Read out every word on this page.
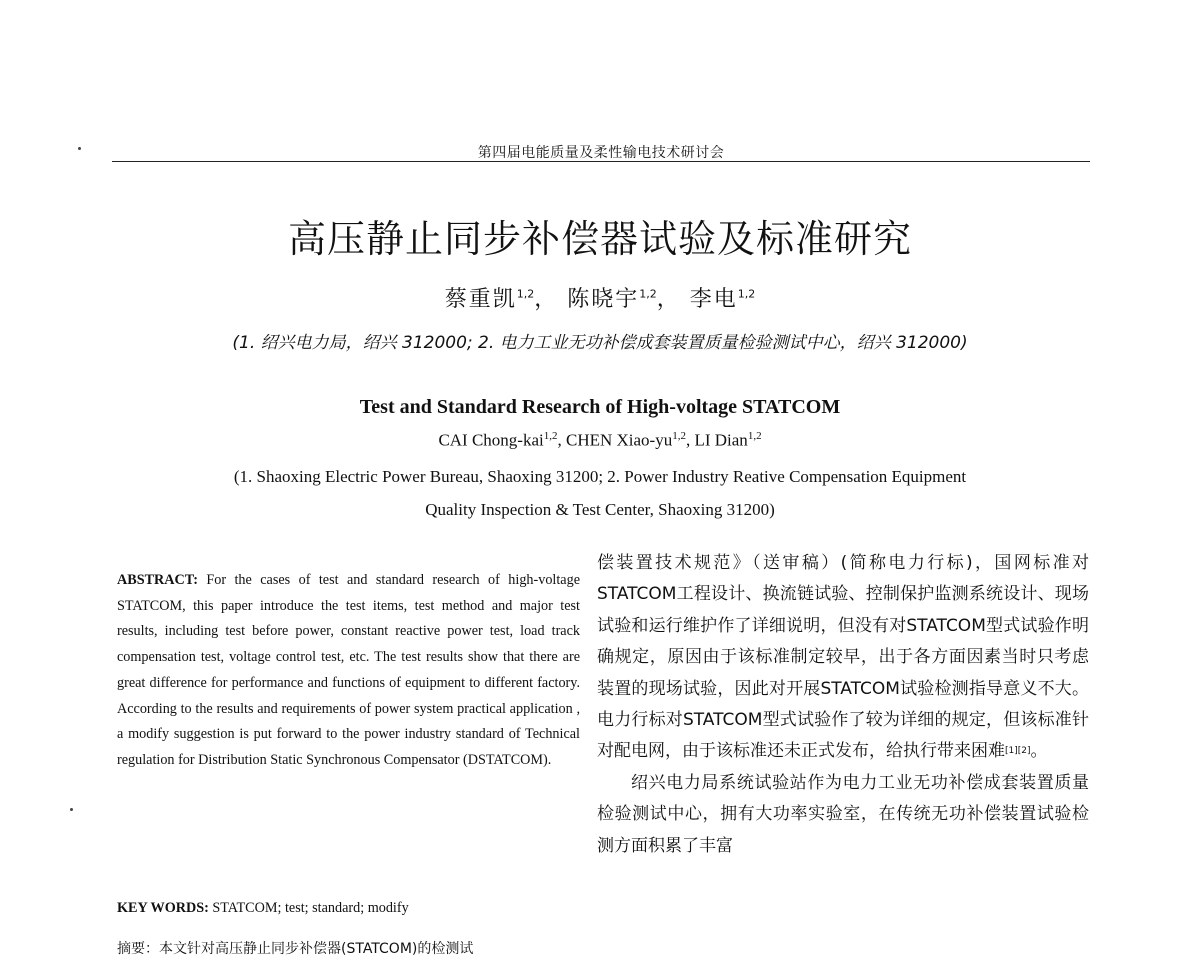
第四届电能质量及柔性输电技术研讨会
高压静止同步补偿器试验及标准研究
蔡重凯$^{1,2}$， 陈晓宇$^{1,2}$， 李电$^{1,2}$
(1. 绍兴电力局，绍兴 312000; 2. 电力工业无功补偿成套装置质量检验测试中心，绍兴 312000)
Test and Standard Research of High-voltage STATCOM
CAI Chong-kai$^{1,2}$, CHEN Xiao-yu$^{1,2}$, LI Dian$^{1,2}$
(1. Shaoxing Electric Power Bureau, Shaoxing 31200; 2. Power Industry Reative Compensation Equipment
Quality Inspection & Test Center, Shaoxing 31200)
ABSTRACT: For the cases of test and standard research of high-voltage STATCOM, this paper introduce the test items, test method and major test results, including test before power, constant reactive power test, load track compensation test, voltage control test, etc. The test results show that there are great difference for performance and functions of equipment to different factory. According to the results and requirements of power system practical application , a modify suggestion is put forward to the power industry standard of Technical regulation for Distribution Static Synchronous Compensator (DSTATCOM).
KEY WORDS: STATCOM; test; standard; modify
摘要：本文针对高压静止同步补偿器(STATCOM)的检测试

偿装置技术规范》（送审稿）(简称电力行标)，国网标准对STATCOM工程设计、换流链试验、控制保护监测系统设计、现场试验和运行维护作了详细说明，但没有对STATCOM型式试验作明确规定，原因由于该标准制定较早，出于各方面因素当时只考虑装置的现场试验，因此对开展STATCOM试验检测指导意义不大。电力行标对STATCOM型式试验作了较为详细的规定，但该标准针对配电网，由于该标准还未正式发布，给执行带来困难[1][2]。

绍兴电力局系统试验站作为电力工业无功补偿成套装置质量检验测试中心，拥有大功率实验室，在传统无功补偿装置试验检测方面积累了丰富
